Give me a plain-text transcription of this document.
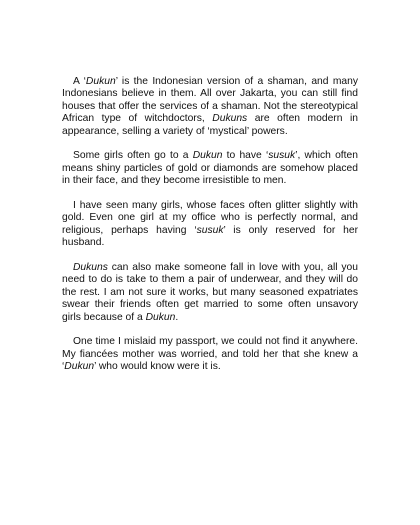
A ‘Dukun’ is the Indonesian version of a shaman, and many Indonesians believe in them. All over Jakarta, you can still find houses that offer the services of a shaman. Not the stereotypical African type of witchdoctors, Dukuns are often modern in appearance, selling a variety of ‘mystical’ powers.

Some girls often go to a Dukun to have ‘susuk’, which often means shiny particles of gold or diamonds are somehow placed in their face, and they become irresistible to men.

I have seen many girls, whose faces often glitter slightly with gold. Even one girl at my office who is perfectly normal, and religious, perhaps having ‘susuk’ is only reserved for her husband.

Dukuns can also make someone fall in love with you, all you need to do is take to them a pair of underwear, and they will do the rest. I am not sure it works, but many seasoned expatriates swear their friends often get married to some often unsavory girls because of a Dukun.

One time I mislaid my passport, we could not find it anywhere. My fiancées mother was worried, and told her that she knew a ‘Dukun’ who would know were it is.
